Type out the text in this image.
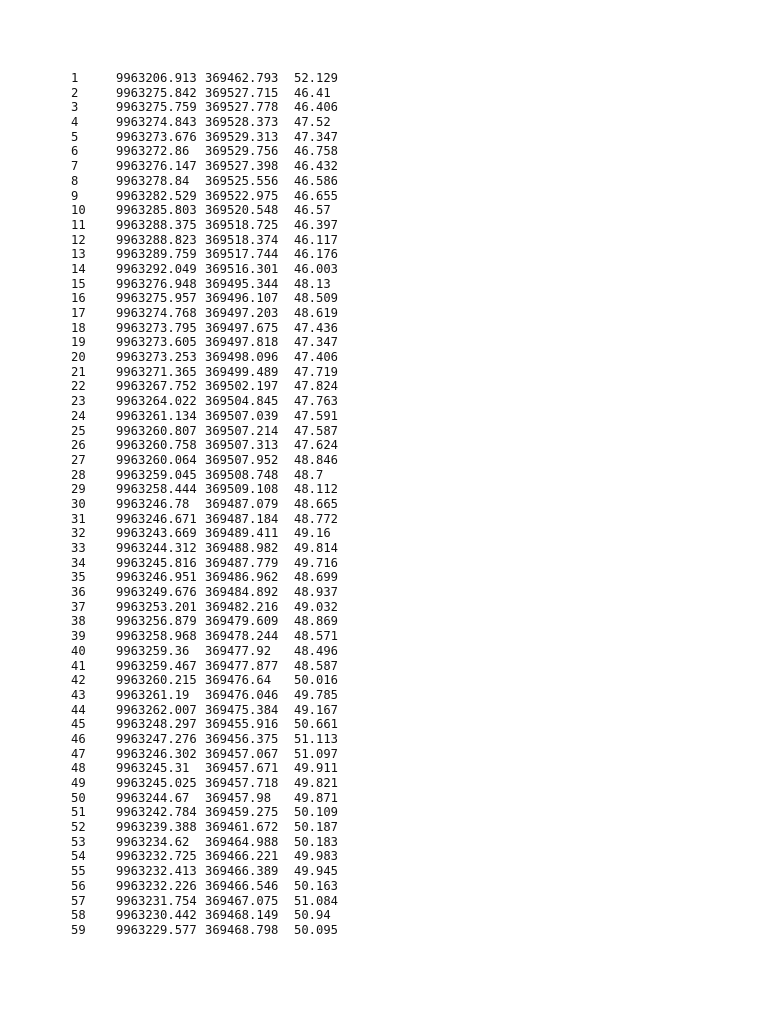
1	9963206.913 369462.793	52.129
2	9963275.842 369527.715	46.41
3	9963275.759 369527.778	46.406
4	9963274.843 369528.373	47.52
5	9963273.676 369529.313	47.347
6	9963272.86	369529.756	46.758
7	9963276.147 369527.398	46.432
8	9963278.84	369525.556	46.586
9	9963282.529 369522.975	46.655
10	9963285.803 369520.548	46.57
11	9963288.375 369518.725	46.397
12	9963288.823 369518.374	46.117
13	9963289.759 369517.744	46.176
14	9963292.049 369516.301	46.003
15	9963276.948 369495.344	48.13
16	9963275.957 369496.107	48.509
17	9963274.768 369497.203	48.619
18	9963273.795 369497.675	47.436
19	9963273.605 369497.818	47.347
20	9963273.253 369498.096	47.406
21	9963271.365 369499.489	47.719
22	9963267.752 369502.197	47.824
23	9963264.022 369504.845	47.763
24	9963261.134 369507.039	47.591
25	9963260.807 369507.214	47.587
26	9963260.758 369507.313	47.624
27	9963260.064 369507.952	48.846
28	9963259.045 369508.748	48.7
29	9963258.444 369509.108	48.112
30	9963246.78	369487.079	48.665
31	9963246.671 369487.184	48.772
32	9963243.669 369489.411	49.16
33	9963244.312 369488.982	49.814
34	9963245.816 369487.779	49.716
35	9963246.951 369486.962	48.699
36	9963249.676 369484.892	48.937
37	9963253.201 369482.216	49.032
38	9963256.879 369479.609	48.869
39	9963258.968 369478.244	48.571
40	9963259.36	369477.92	48.496
41	9963259.467 369477.877	48.587
42	9963260.215 369476.64	50.016
43	9963261.19	369476.046	49.785
44	9963262.007 369475.384	49.167
45	9963248.297 369455.916	50.661
46	9963247.276 369456.375	51.113
47	9963246.302 369457.067	51.097
48	9963245.31	369457.671	49.911
49	9963245.025 369457.718	49.821
50	9963244.67	369457.98	49.871
51	9963242.784 369459.275	50.109
52	9963239.388 369461.672	50.187
53	9963234.62	369464.988	50.183
54	9963232.725 369466.221	49.983
55	9963232.413 369466.389	49.945
56	9963232.226 369466.546	50.163
57	9963231.754 369467.075	51.084
58	9963230.442 369468.149	50.94
59	9963229.577 369468.798	50.095
